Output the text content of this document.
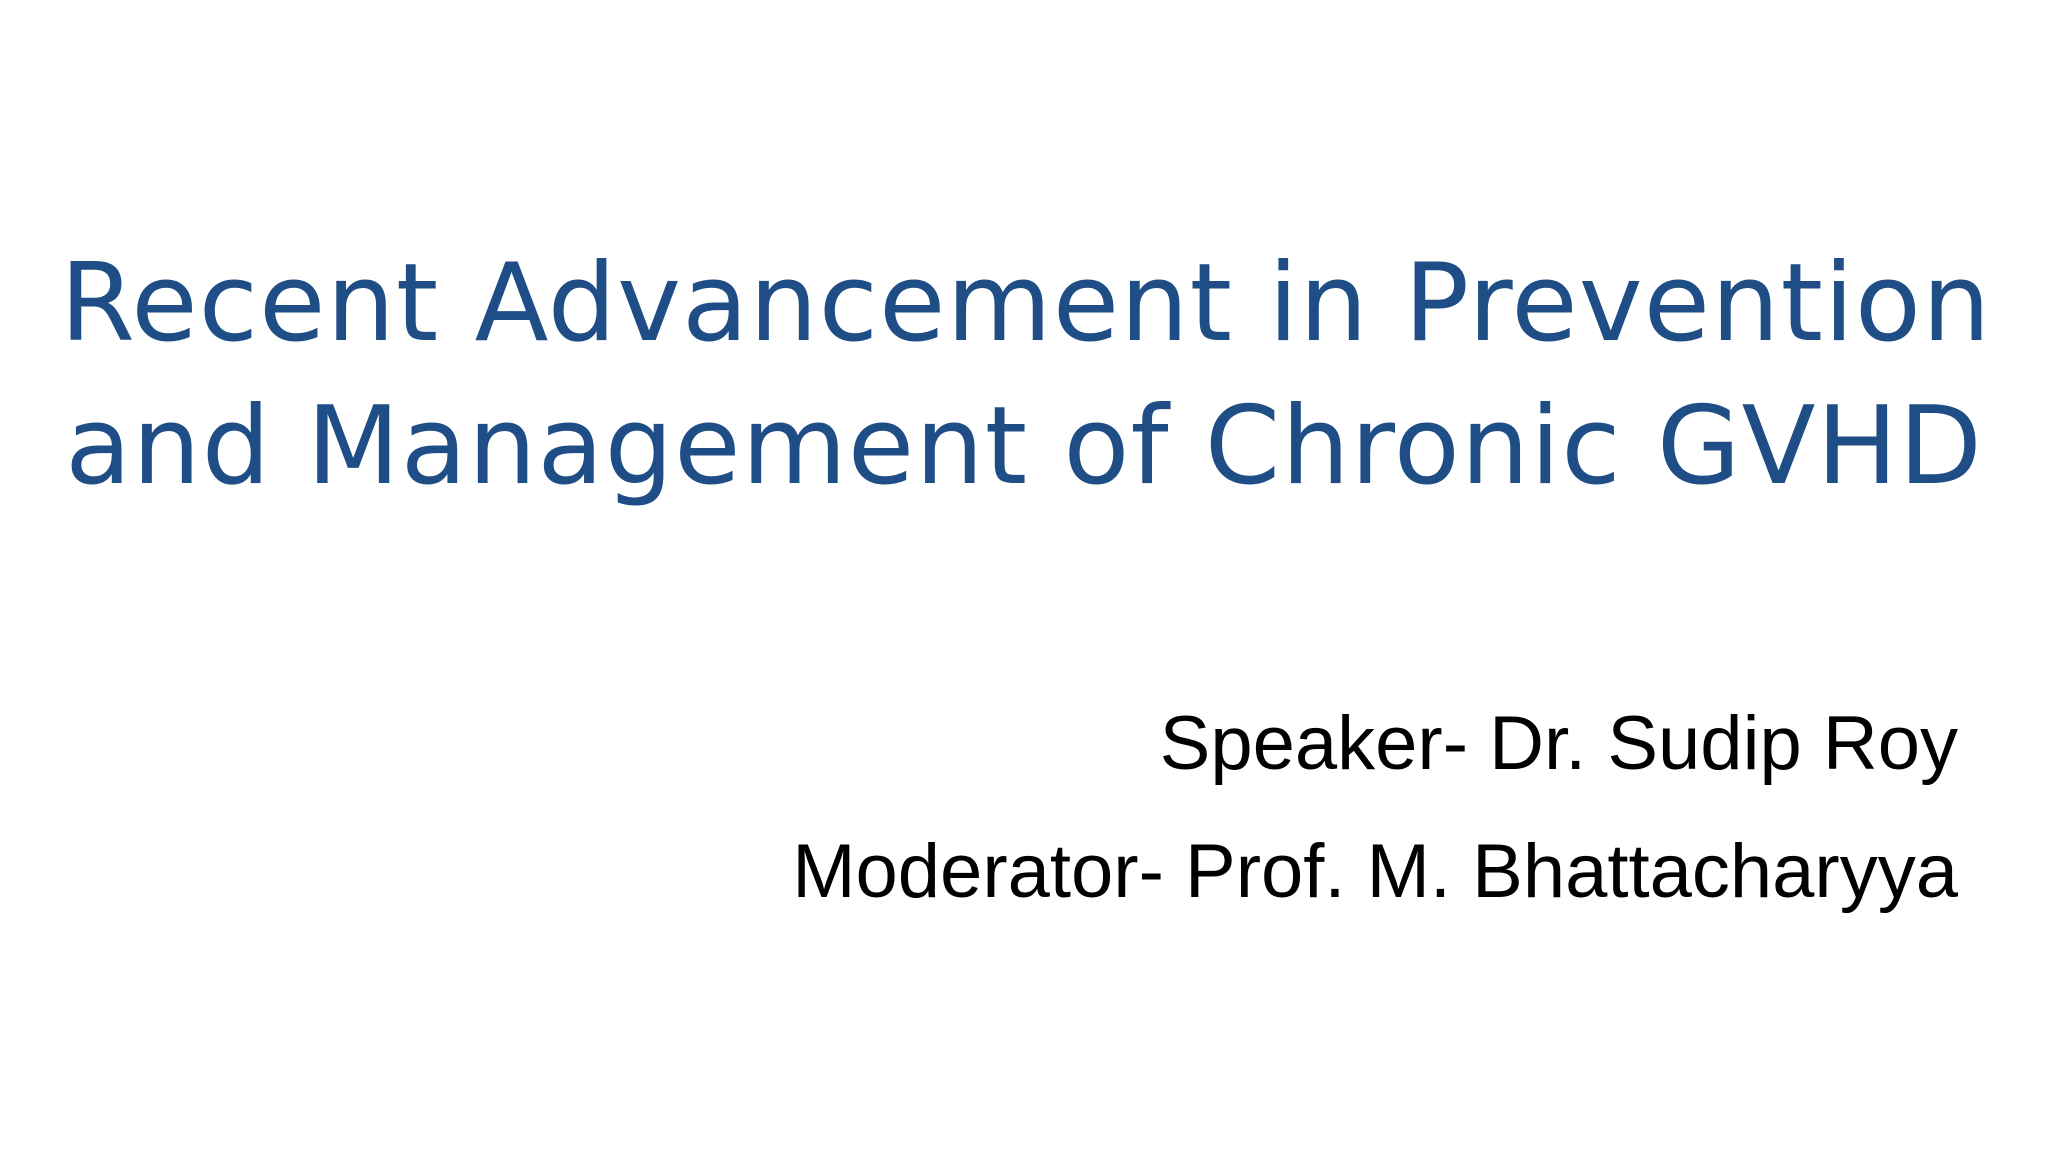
Recent Advancement in Prevention
and Management of Chronic GVHD
Speaker- Dr. Sudip Roy
Moderator- Prof. M. Bhattacharyya
